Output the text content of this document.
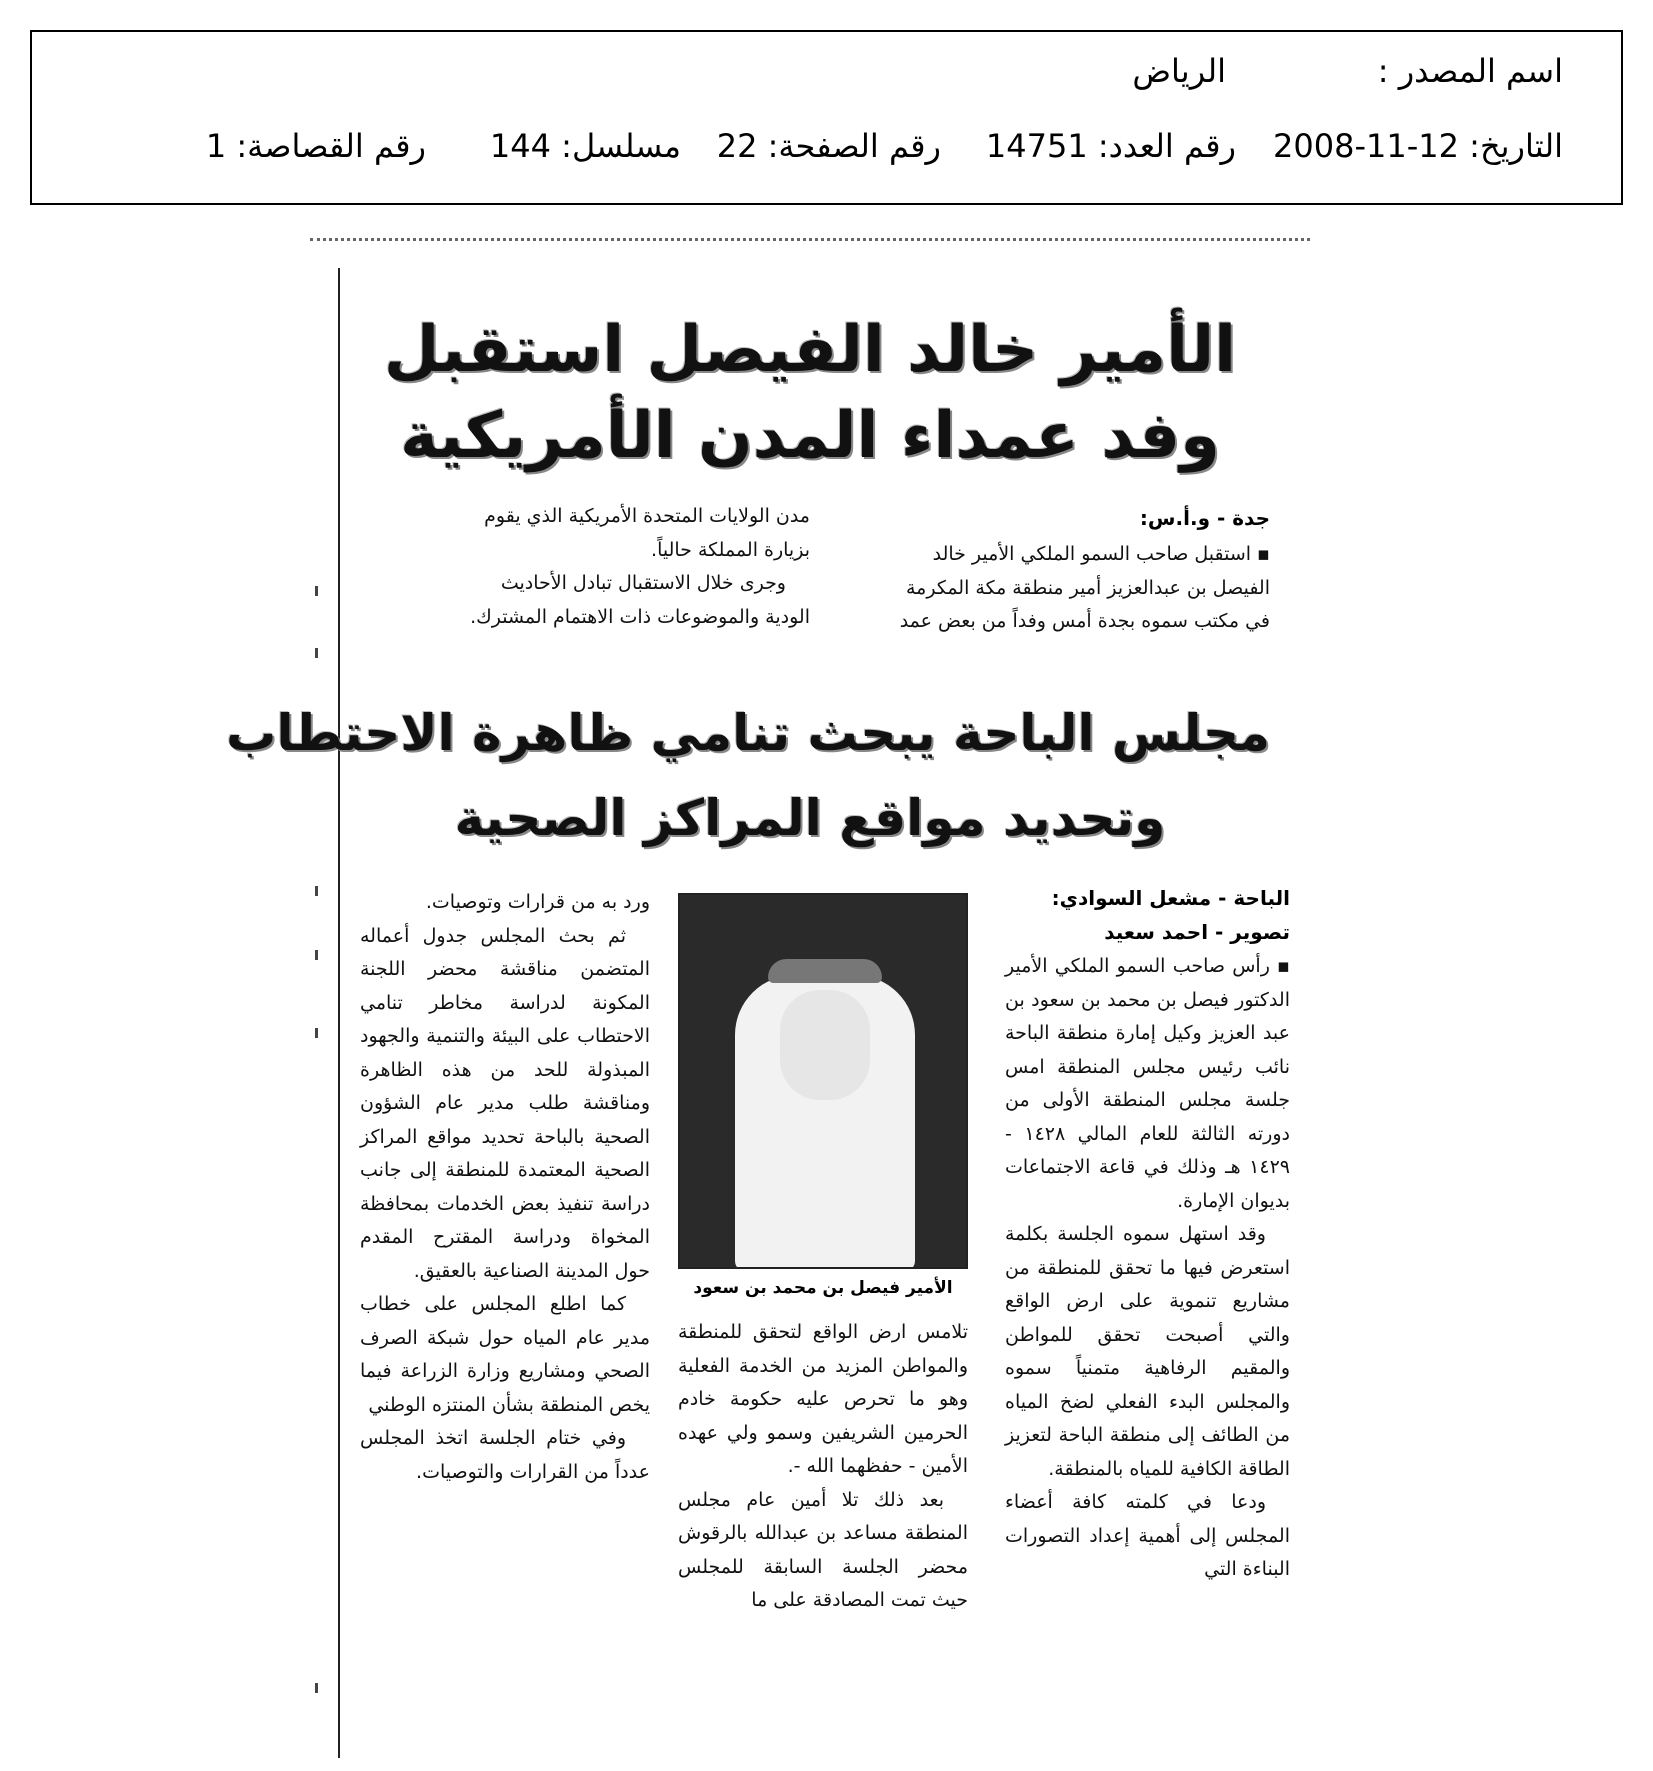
اسم المصدر :
الرياض
التاريخ: 12-11-2008
رقم العدد: 14751
رقم الصفحة: 22
مسلسل: 144
رقم القصاصة: 1
الأمير خالد الفيصل استقبل
وفد عمداء المدن الأمريكية
جدة - و.أ.س:

▪ استقبل صاحب السمو الملكي الأمير خالد

الفيصل بن عبدالعزيز أمير منطقة مكة المكرمة

في مكتب سموه بجدة أمس وفداً من بعض عمد

مدن الولايات المتحدة الأمريكية الذي يقوم

بزيارة المملكة حالياً.

وجرى خلال الاستقبال تبادل الأحاديث

الودية والموضوعات ذات الاهتمام المشترك.

مجلس الباحة يبحث تنامي ظاهرة الاحتطاب
وتحديد مواقع المراكز الصحية
الباحة - مشعل السوادي:
تصوير - احمد سعيد

▪ رأس صاحب السمو الملكي الأمير الدكتور فيصل بن محمد بن سعود بن عبد العزيز وكيل إمارة منطقة الباحة نائب رئيس مجلس المنطقة امس جلسة مجلس المنطقة الأولى من دورته الثالثة للعام المالي ١٤٢٨ - ١٤٢٩ هـ وذلك في قاعة الاجتماعات بديوان الإمارة.

وقد استهل سموه الجلسة بكلمة استعرض فيها ما تحقق للمنطقة من مشاريع تنموية على ارض الواقع والتي أصبحت تحقق للمواطن والمقيم الرفاهية متمنياً سموه والمجلس البدء الفعلي لضخ المياه من الطائف إلى منطقة الباحة لتعزيز الطاقة الكافية للمياه بالمنطقة.

ودعا في كلمته كافة أعضاء المجلس إلى أهمية إعداد التصورات البناءة التي

تلامس ارض الواقع لتحقق للمنطقة والمواطن المزيد من الخدمة الفعلية وهو ما تحرص عليه حكومة خادم الحرمين الشريفين وسمو ولي عهده الأمين - حفظهما الله -.

بعد ذلك تلا أمين عام مجلس المنطقة مساعد بن عبدالله بالرقوش محضر الجلسة السابقة للمجلس حيث تمت المصادقة على ما

ورد به من قرارات وتوصيات.

ثم بحث المجلس جدول أعماله المتضمن مناقشة محضر اللجنة المكونة لدراسة مخاطر تنامي الاحتطاب على البيئة والتنمية والجهود المبذولة للحد من هذه الظاهرة ومناقشة طلب مدير عام الشؤون الصحية بالباحة تحديد مواقع المراكز الصحية المعتمدة للمنطقة إلى جانب دراسة تنفيذ بعض الخدمات بمحافظة المخواة ودراسة المقترح المقدم حول المدينة الصناعية بالعقيق.

كما اطلع المجلس على خطاب مدير عام المياه حول شبكة الصرف الصحي ومشاريع وزارة الزراعة فيما يخص المنطقة بشأن المنتزه الوطني

وفي ختام الجلسة اتخذ المجلس عدداً من القرارات والتوصيات.

الأمير فيصل بن محمد بن سعود
